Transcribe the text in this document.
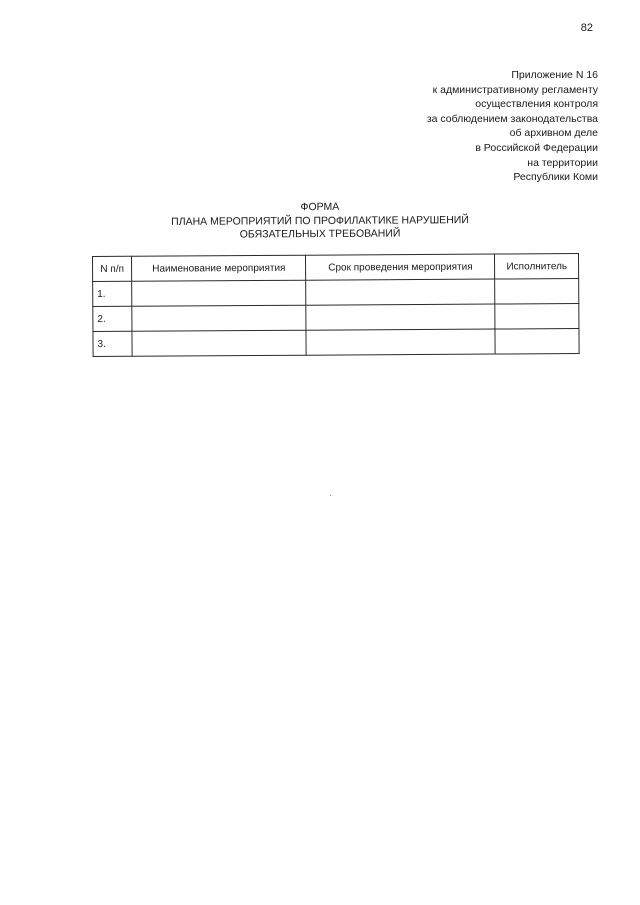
82
Приложение N 16
к административному регламенту
осуществления контроля
за соблюдением законодательства
об архивном деле
в Российской Федерации
на территории
Республики Коми
ФОРМА
ПЛАНА МЕРОПРИЯТИЙ ПО ПРОФИЛАКТИКЕ НАРУШЕНИЙ
ОБЯЗАТЕЛЬНЫХ ТРЕБОВАНИЙ
N п/п	Наименование мероприятия	Срок проведения мероприятия	Исполнитель
1.			
2.			
3.			
